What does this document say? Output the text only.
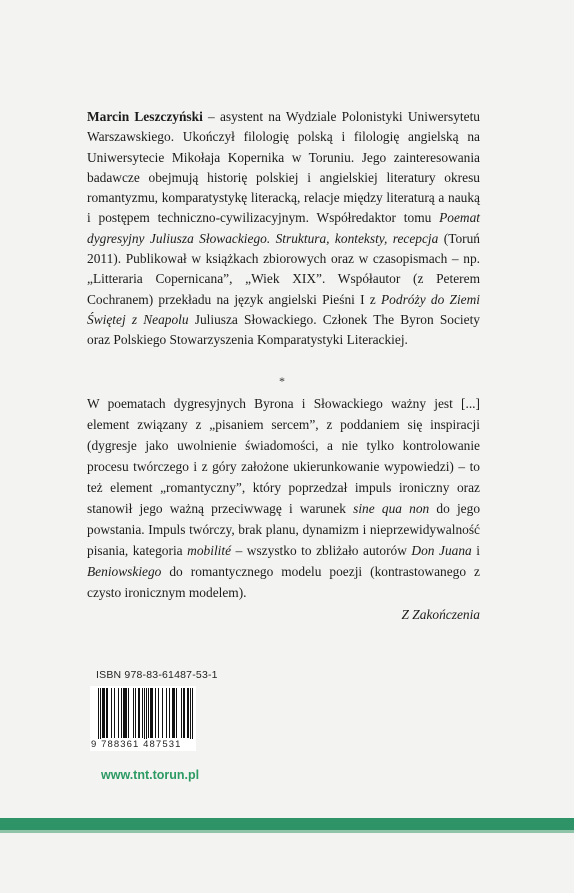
Marcin Leszczyński – asystent na Wydziale Polonistyki Uniwersytetu Warszawskiego. Ukończył filologię polską i filologię angielską na Uniwersytecie Mikołaja Kopernika w Toruniu. Jego zainteresowania badawcze obejmują historię polskiej i angielskiej literatury okresu romantyzmu, komparatystykę literacką, relacje między literaturą a nauką i postępem techniczno-cywilizacyjnym. Współredaktor tomu Poemat dygresyjny Juliusza Słowackiego. Struktura, konteksty, recepcja (Toruń 2011). Publikował w książkach zbiorowych oraz w czasopismach – np. „Litteraria Copernicana”, „Wiek XIX”. Współautor (z Peterem Cochranem) przekładu na język angielski Pieśni I z Podróży do Ziemi Świętej z Neapolu Juliusza Słowackiego. Członek The Byron Society oraz Polskiego Stowarzyszenia Komparatystyki Literackiej.
*
W poematach dygresyjnych Byrona i Słowackiego ważny jest [...] element związany z „pisaniem sercem”, z poddaniem się inspiracji (dygresje jako uwolnienie świadomości, a nie tylko kontrolowanie procesu twórczego i z góry założone ukierunkowanie wypowiedzi) – to też element „romantyczny”, który poprzedzał impuls ironiczny oraz stanowił jego ważną przeciwwagę i warunek sine qua non do jego powstania. Impuls twórczy, brak planu, dynamizm i nieprzewidywalność pisania, kategoria mobilité – wszystko to zbliżało autorów Don Juana i Beniowskiego do romantycznego modelu poezji (kontrastowanego z czysto ironicznym modelem).
Z Zakończenia
ISBN 978-83-61487-53-1
9 788361 487531
www.tnt.torun.pl
